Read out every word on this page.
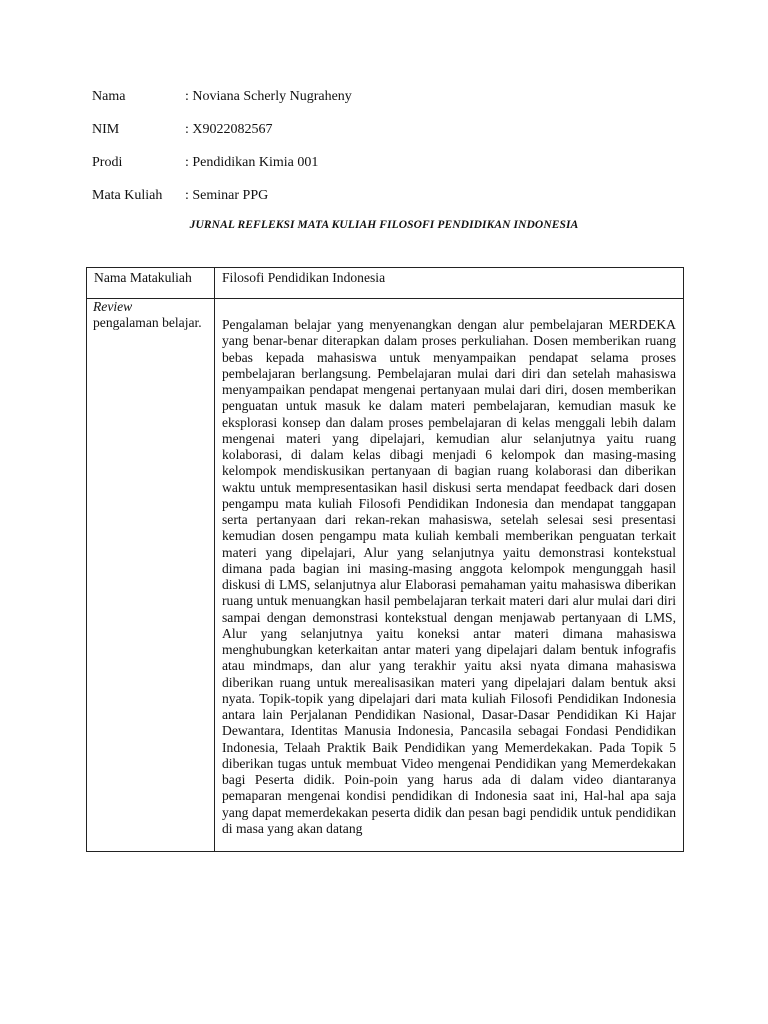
Nama	: Noviana Scherly Nugraheny
NIM	: X9022082567
Prodi	: Pendidikan Kimia 001
Mata Kuliah : Seminar PPG
JURNAL REFLEKSI MATA KULIAH FILOSOFI PENDIDIKAN INDONESIA
Nama Matakuliah	Filosofi Pendidikan Indonesia

Review
pengalaman belajar.	Pengalaman belajar yang menyenangkan dengan alur pembelajaran MERDEKA yang benar-benar diterapkan dalam proses perkuliahan. Dosen memberikan ruang bebas kepada mahasiswa untuk menyampaikan pendapat selama proses pembelajaran berlangsung. Pembelajaran mulai dari diri dan setelah mahasiswa menyampaikan pendapat mengenai pertanyaan mulai dari diri, dosen memberikan penguatan untuk masuk ke dalam materi pembelajaran, kemudian masuk ke eksplorasi konsep dan dalam proses pembelajaran di kelas menggali lebih dalam mengenai materi yang dipelajari, kemudian alur selanjutnya yaitu ruang kolaborasi, di dalam kelas dibagi menjadi 6 kelompok dan masing-masing kelompok mendiskusikan pertanyaan di bagian ruang kolaborasi dan diberikan waktu untuk mempresentasikan hasil diskusi serta mendapat feedback dari dosen pengampu mata kuliah Filosofi Pendidikan Indonesia dan mendapat tanggapan serta pertanyaan dari rekan-rekan mahasiswa, setelah selesai sesi presentasi kemudian dosen pengampu mata kuliah kembali memberikan penguatan terkait materi yang dipelajari, Alur yang selanjutnya yaitu demonstrasi kontekstual dimana pada bagian ini masing-masing anggota kelompok mengunggah hasil diskusi di LMS, selanjutnya alur Elaborasi pemahaman yaitu mahasiswa diberikan ruang untuk menuangkan hasil pembelajaran terkait materi dari alur mulai dari diri sampai dengan demonstrasi kontekstual dengan menjawab pertanyaan di LMS, Alur yang selanjutnya yaitu koneksi antar materi dimana mahasiswa menghubungkan keterkaitan antar materi yang dipelajari dalam bentuk infografis atau mindmaps, dan alur yang terakhir yaitu aksi nyata dimana mahasiswa diberikan ruang untuk merealisasikan materi yang dipelajari dalam bentuk aksi nyata. Topik-topik yang dipelajari dari mata kuliah Filosofi Pendidikan Indonesia antara lain Perjalanan Pendidikan Nasional, Dasar-Dasar Pendidikan Ki Hajar Dewantara, Identitas Manusia Indonesia, Pancasila sebagai Fondasi Pendidikan Indonesia, Telaah Praktik Baik Pendidikan yang Memerdekakan. Pada Topik 5 diberikan tugas untuk membuat Video mengenai Pendidikan yang Memerdekakan bagi Peserta didik. Poin-poin yang harus ada di dalam video diantaranya pemaparan mengenai kondisi pendidikan di Indonesia saat ini, Hal-hal apa saja yang dapat memerdekakan peserta didik dan pesan bagi pendidik untuk pendidikan di masa yang akan datang
